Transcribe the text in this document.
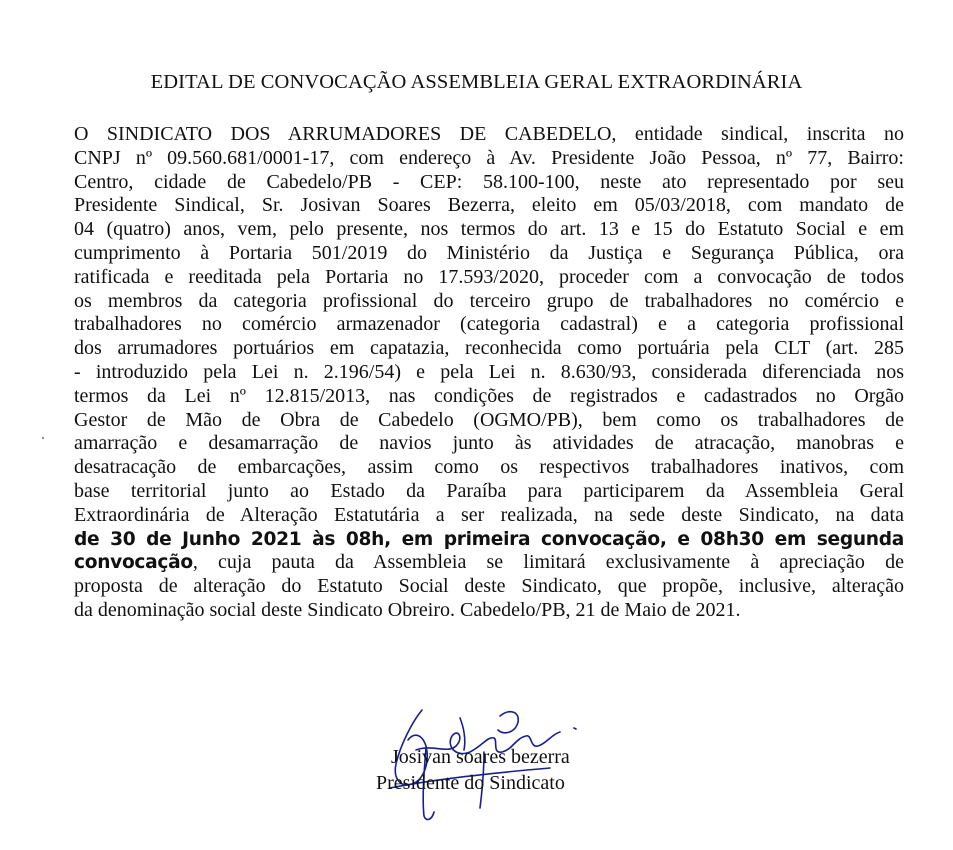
EDITAL DE CONVOCAÇÃO ASSEMBLEIA GERAL EXTRAORDINÁRIA
O SINDICATO DOS ARRUMADORES DE CABEDELO, entidade sindical, inscrita no
CNPJ nº 09.560.681/0001-17, com endereço à Av. Presidente João Pessoa, nº 77, Bairro:
Centro, cidade de Cabedelo/PB - CEP: 58.100-100, neste ato representado por seu
Presidente Sindical, Sr. Josivan Soares Bezerra, eleito em 05/03/2018, com mandato de
04 (quatro) anos, vem, pelo presente, nos termos do art. 13 e 15 do Estatuto Social e em
cumprimento à Portaria 501/2019 do Ministério da Justiça e Segurança Pública, ora
ratificada e reeditada pela Portaria no 17.593/2020, proceder com a convocação de todos
os membros da categoria profissional do terceiro grupo de trabalhadores no comércio e
trabalhadores no comércio armazenador (categoria cadastral) e a categoria profissional
dos arrumadores portuários em capatazia, reconhecida como portuária pela CLT (art. 285
- introduzido pela Lei n. 2.196/54) e pela Lei n. 8.630/93, considerada diferenciada nos
termos da Lei nº 12.815/2013, nas condições de registrados e cadastrados no Orgão
Gestor de Mão de Obra de Cabedelo (OGMO/PB), bem como os trabalhadores de
amarração e desamarração de navios junto às atividades de atracação, manobras e
desatracação de embarcações, assim como os respectivos trabalhadores inativos, com
base territorial junto ao Estado da Paraíba para participarem da Assembleia Geral
Extraordinária de Alteração Estatutária a ser realizada, na sede deste Sindicato, na data
de 30 de Junho 2021 às 08h, em primeira convocação, e 08h30 em segunda
convocação, cuja pauta da Assembleia se limitará exclusivamente à apreciação de
proposta de alteração do Estatuto Social deste Sindicato, que propõe, inclusive, alteração
da denominação social deste Sindicato Obreiro. Cabedelo/PB, 21 de Maio de 2021.
Josivan soares bezerra
Presidente do Sindicato
